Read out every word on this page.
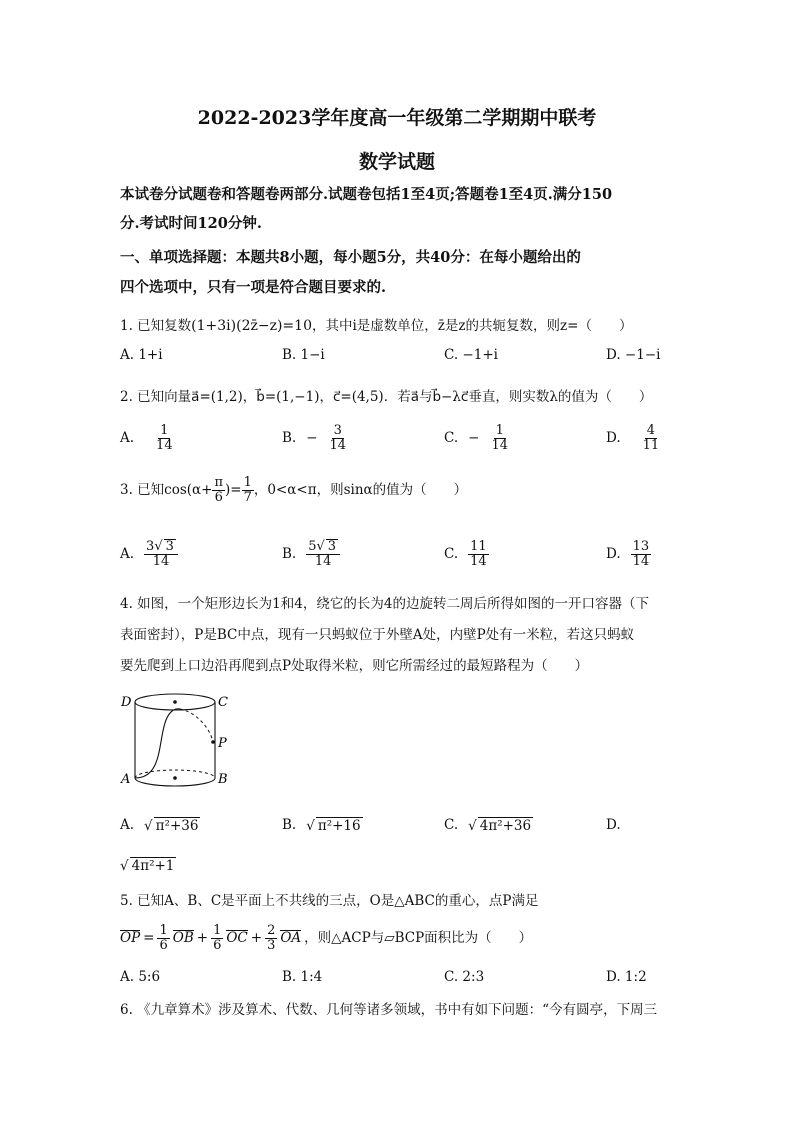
2022-2023学年度高一年级第二学期期中联考
数学试题
本试卷分试题卷和答题卷两部分.试题卷包括1至4页;答题卷1至4页.满分150
分.考试时间120分钟.
一、单项选择题：本题共8小题，每小题5分，共40分：在每小题给出的
四个选项中，只有一项是符合题目要求的.
1. 已知复数(1+3i)(2z̄−z)=10，其中i是虚数单位，z̄是z的共轭复数，则z=（　　）
A. 1+i	B. 1−i	C. −1+i	D. −1−i
2. 已知向量a⃗=(1,2)，b⃗=(1,−1)，c⃗=(4,5)．若a⃗与b⃗−λc⃗垂直，则实数λ的值为（　　）
A. $\frac{1}{14}$	B. − $\frac{3}{14}$	C. − $\frac{1}{14}$	D. $\frac{4}{11}$
3. 已知$\cos(\alpha+ \frac{\pi}{6}$ )= $\frac{1}{7}$ ，0<α<π，则sinα的值为（　　）
A. $\frac{3√ 3}{14}$	B. $\frac{5√ 3}{14}$	C. $\frac{11}{14}$	D. $\frac{13}{14}$
4. 如图，一个矩形边长为1和4，绕它的长为4的边旋转二周后所得如图的一开口容器（下
表面密封），P是BC中点，现有一只蚂蚁位于外壁A处，内壁P处有一米粒，若这只蚂蚁
要先爬到上口边沿再爬到点P处取得米粒，则它所需经过的最短路程为（　　）
D	C
P
A	B
A. √ π²+36	B. √ π²+16	C. √ 4π²+36	D.
√ 4π²+1
5. 已知A、B、C是平面上不共线的三点，O是△ABC的重心，点P满足
OP = $\frac{1}{6}$ OB + $\frac{1}{6}$ OC + $\frac{2}{3}$ OA ，则△ACP与▱BCP面积比为（　　）
A. 5:6	B. 1:4	C. 2:3	D. 1:2
6. 《九章算术》涉及算术、代数、几何等诸多领域，书中有如下问题：“今有圆亭，下周三
